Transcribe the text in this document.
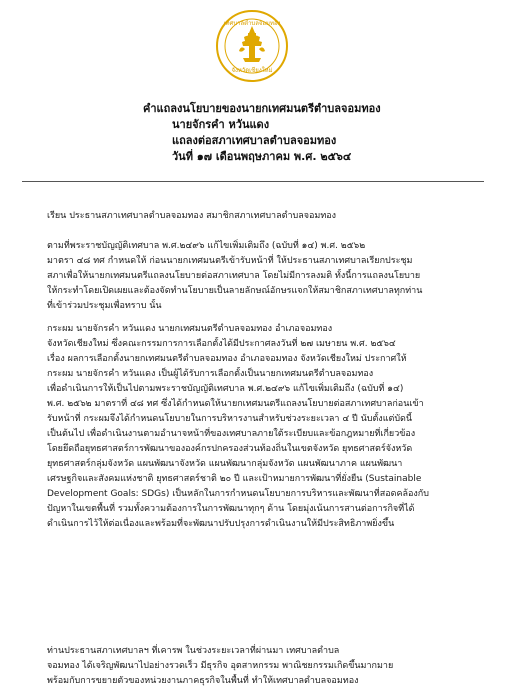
เทศบาลตำบลจอมทอง
จังหวัดเชียงใหม่
คำแถลงนโยบายของนายกเทศมนตรีตำบลจอมทอง
นายจักรคำ หวันแดง
แถลงต่อสภาเทศบาลตำบลจอมทอง
วันที่ ๑๗ เดือนพฤษภาคม พ.ศ. ๒๕๖๔
เรียน ประธานสภาเทศบาลตำบลจอมทอง สมาชิกสภาเทศบาลตำบลจอมทอง
ตามที่พระราชบัญญัติเทศบาล พ.ศ.๒๔๙๖ แก้ไขเพิ่มเติมถึง (ฉบับที่ ๑๔) พ.ศ. ๒๕๖๒
มาตรา ๔๘ ทศ กำหนดให้ ก่อนนายกเทศมนตรีเข้ารับหน้าที่ ให้ประธานสภาเทศบาลเรียกประชุม
สภาเพื่อให้นายกเทศมนตรีแถลงนโยบายต่อสภาเทศบาล โดยไม่มีการลงมติ ทั้งนี้การแถลงนโยบาย
ให้กระทำโดยเปิดเผยและต้องจัดทำนโยบายเป็นลายลักษณ์อักษรแจกให้สมาชิกสภาเทศบาลทุกท่าน
ที่เข้าร่วมประชุมเพื่อทราบ นั้น
กระผม นายจักรคำ หวันแดง นายกเทศมนตรีตำบลจอมทอง อำเภอจอมทอง
จังหวัดเชียงใหม่ ซึ่งคณะกรรมการการเลือกตั้งได้มีประกาศลงวันที่ ๒๗ เมษายน พ.ศ. ๒๕๖๔
เรื่อง ผลการเลือกตั้งนายกเทศมนตรีตำบลจอมทอง อำเภอจอมทอง จังหวัดเชียงใหม่ ประกาศให้
กระผม นายจักรคำ หวันแดง เป็นผู้ได้รับการเลือกตั้งเป็นนายกเทศมนตรีตำบลจอมทอง
เพื่อดำเนินการให้เป็นไปตามพระราชบัญญัติเทศบาล พ.ศ.๒๔๙๖ แก้ไขเพิ่มเติมถึง (ฉบับที่ ๑๔)
พ.ศ. ๒๕๖๒ มาตราที่ ๔๘ ทศ ซึ่งได้กำหนดให้นายกเทศมนตรีแถลงนโยบายต่อสภาเทศบาลก่อนเข้า
รับหน้าที่ กระผมจึงได้กำหนดนโยบายในการบริหารงานสำหรับช่วงระยะเวลา ๔ ปี นับตั้งแต่บัดนี้
เป็นต้นไป เพื่อดำเนินงานตามอำนาจหน้าที่ของเทศบาลภายใต้ระเบียบและข้อกฎหมายที่เกี่ยวข้อง
โดยยึดถือยุทธศาสตร์การพัฒนาขององค์กรปกครองส่วนท้องถิ่นในเขตจังหวัด ยุทธศาสตร์จังหวัด
ยุทธศาสตร์กลุ่มจังหวัด แผนพัฒนาจังหวัด แผนพัฒนากลุ่มจังหวัด แผนพัฒนาภาค แผนพัฒนา
เศรษฐกิจและสังคมแห่งชาติ ยุทธศาสตร์ชาติ ๒๐ ปี และเป้าหมายการพัฒนาที่ยั่งยืน (Sustainable
Development Goals: SDGs) เป็นหลักในการกำหนดนโยบายการบริหารและพัฒนาที่สอดคล้องกับ
ปัญหาในเขตพื้นที่ รวมทั้งความต้องการในการพัฒนาทุกๆ ด้าน โดยมุ่งเน้นการสานต่อการกิจที่ได้
ดำเนินการไว้ให้ต่อเนื่องและพร้อมที่จะพัฒนาปรับปรุงการดำเนินงานให้มีประสิทธิภาพยิ่งขึ้น
ท่านประธานสภาเทศบาลฯ ที่เคารพ ในช่วงระยะเวลาที่ผ่านมา เทศบาลตำบล
จอมทอง ได้เจริญพัฒนาไปอย่างรวดเร็ว มีธุรกิจ อุตสาหกรรม พาณิชยกรรมเกิดขึ้นมากมาย
พร้อมกับการขยายตัวของหน่วยงานภาคธุรกิจในพื้นที่ ทำให้เทศบาลตำบลจอมทอง
